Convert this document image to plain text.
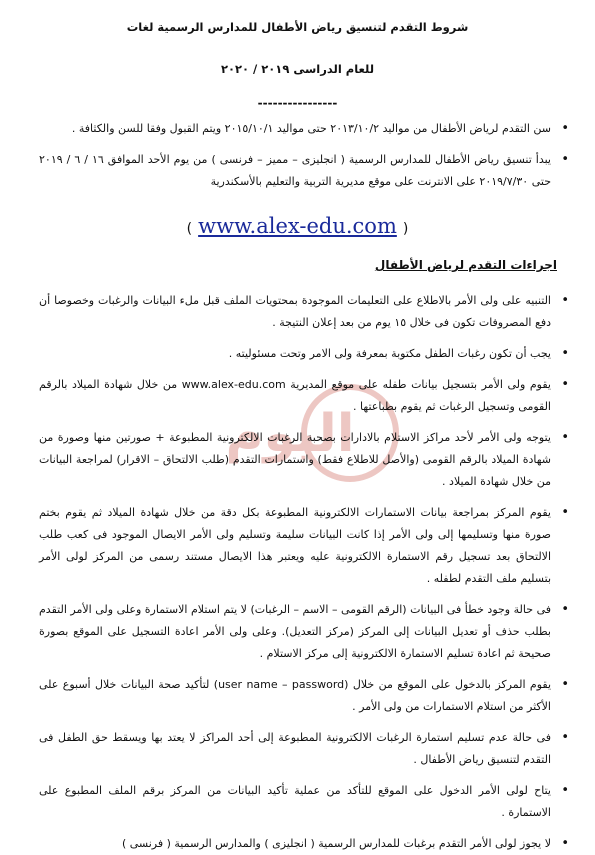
شروط التقدم لتنسيق رياض الأطفال للمدارس الرسمية لغات
للعام الدراسى ٢٠١٩ / ٢٠٢٠
----------------
•
سن التقدم لرياض الأطفال من مواليد ٢٠١٣/١٠/٢ حتى مواليد ٢٠١٥/١٠/١ ويتم القبول وفقا للسن والكثافة .
•
يبدأ تنسيق رياض الأطفال للمدارس الرسمية ( انجليزى – مميز – فرنسى ) من يوم الأحد الموافق ١٦ / ٦ / ٢٠١٩ حتى ٢٠١٩/٧/٣٠ على الانترنت على موقع مديرية التربية والتعليم بالأسكندرية
(www.alex-edu.com)
اجراءات التقدم لرياض الأطفال
اليوم
•
التنبيه على ولى الأمر بالاطلاع على التعليمات الموجودة بمحتويات الملف قبل ملء البيانات والرغبات وخصوصا أن دفع المصروفات تكون فى خلال ١٥ يوم من بعد إعلان النتيجة .
•
يجب أن تكون رغبات الطفل مكتوبة بمعرفة ولى الامر وتحت مسئوليته .
•
يقوم ولى الأمر بتسجيل بيانات طفله على موقع المديرية www.alex-edu.com من خلال شهادة الميلاد بالرقم القومى وتسجيل الرغبات ثم يقوم بطباعتها .
•
يتوجه ولى الأمر لأحد مراكز الاستلام بالادارات بصحبة الرغبات الالكترونية المطبوعة + صورتين منها وصورة من شهادة الميلاد بالرقم القومى (والأصل للاطلاع فقط) واستمارات التقدم (طلب الالتحاق – الاقرار) لمراجعة البيانات من خلال شهادة الميلاد .
•
يقوم المركز بمراجعة بيانات الاستمارات الالكترونية المطبوعة بكل دقة من خلال شهادة الميلاد ثم يقوم بختم صورة منها وتسليمها إلى ولى الأمر إذا كانت البيانات سليمة وتسليم ولى الأمر الايصال الموجود فى كعب طلب الالتحاق بعد تسجيل رقم الاستمارة الالكترونية عليه ويعتبر هذا الايصال مستند رسمى من المركز لولى الأمر بتسليم ملف التقدم لطفله .
•
فى حالة وجود خطأ فى البيانات (الرقم القومى – الاسم – الرغبات) لا يتم استلام الاستمارة وعلى ولى الأمر التقدم بطلب حذف أو تعديل البيانات إلى المركز (مركز التعديل). وعلى ولى الأمر اعادة التسجيل على الموقع بصورة صحيحة ثم اعادة تسليم الاستمارة الالكترونية إلى مركز الاستلام .
•
يقوم المركز بالدخول على الموقع من خلال (user name – password) لتأكيد صحة البيانات خلال أسبوع على الأكثر من استلام الاستمارات من ولى الأمر .
•
فى حالة عدم تسليم استمارة الرغبات الالكترونية المطبوعة إلى أحد المراكز لا يعتد بها ويسقط حق الطفل فى التقدم لتنسيق رياض الأطفال .
•
يتاح لولى الأمر الدخول على الموقع للتأكد من عملية تأكيد البيانات من المركز برقم الملف المطبوع على الاستمارة .
•
لا يجوز لولى الأمر التقدم برغبات للمدارس الرسمية ( انجليزى ) والمدارس الرسمية ( فرنسى )
